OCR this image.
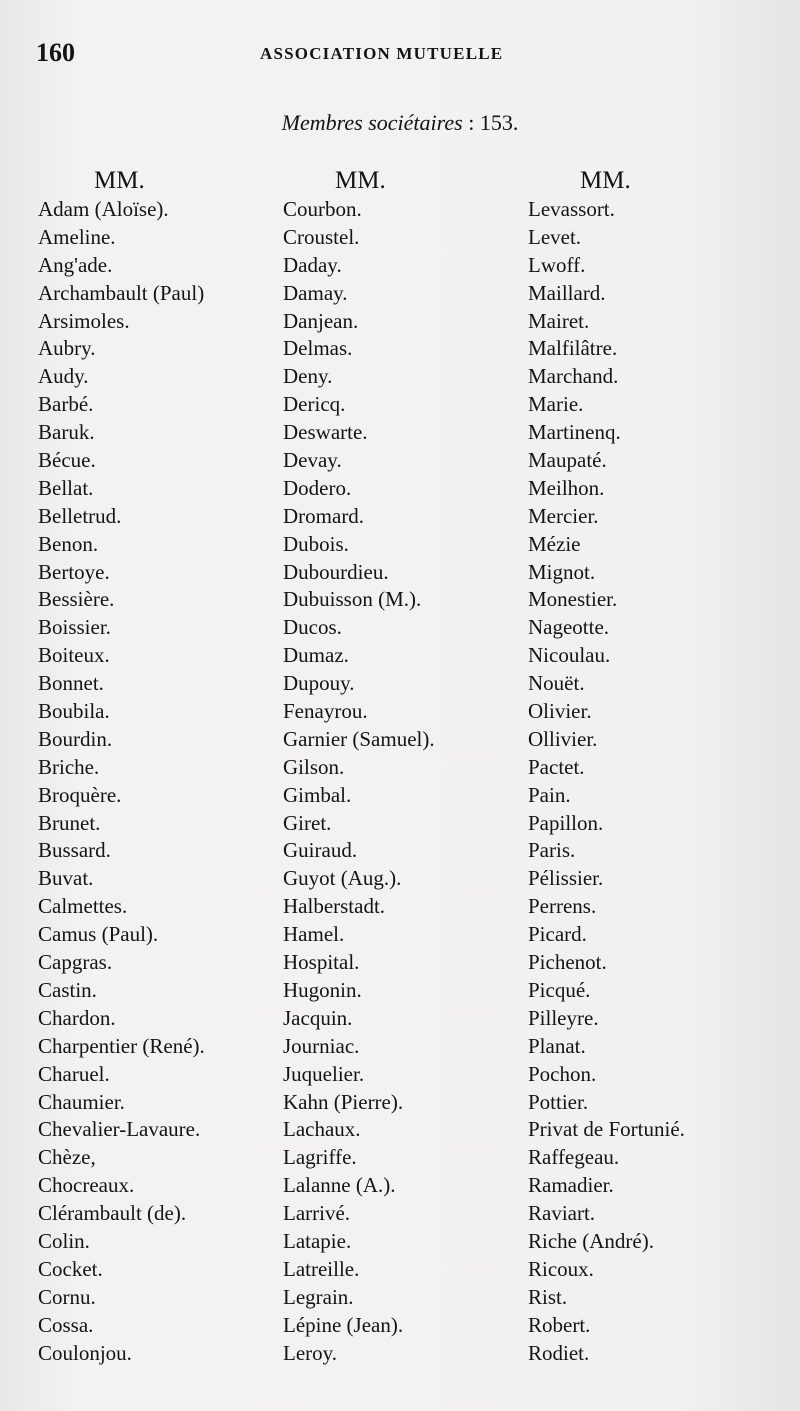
160	ASSOCIATION MUTUELLE
Membres sociétaires : 153.
MM.
Adam (Aloïse).
Ameline.
Ang'ade.
Archambault (Paul)
Arsimoles.
Aubry.
Audy.
Barbé.
Baruk.
Bécue.
Bellat.
Belletrud.
Benon.
Bertoye.
Bessière.
Boissier.
Boiteux.
Bonnet.
Boubila.
Bourdin.
Briche.
Broquère.
Brunet.
Bussard.
Buvat.
Calmettes.
Camus (Paul).
Capgras.
Castin.
Chardon.
Charpentier (René).
Charuel.
Chaumier.
Chevalier-Lavaure.
Chèze,
Chocreaux.
Clérambault (de).
Colin.
Cocket.
Cornu.
Cossa.
Coulonjou.
MM.
Courbon.
Croustel.
Daday.
Damay.
Danjean.
Delmas.
Deny.
Dericq.
Deswarte.
Devay.
Dodero.
Dromard.
Dubois.
Dubourdieu.
Dubuisson (M.).
Ducos.
Dumaz.
Dupouy.
Fenayrou.
Garnier (Samuel).
Gilson.
Gimbal.
Giret.
Guiraud.
Guyot (Aug.).
Halberstadt.
Hamel.
Hospital.
Hugonin.
Jacquin.
Journiac.
Juquelier.
Kahn (Pierre).
Lachaux.
Lagriffe.
Lalanne (A.).
Larrivé.
Latapie.
Latreille.
Legrain.
Lépine (Jean).
Leroy.
MM.
Levassort.
Levet.
Lwoff.
Maillard.
Mairet.
Malfilâtre.
Marchand.
Marie.
Martinenq.
Maupaté.
Meilhon.
Mercier.
Mézie
Mignot.
Monestier.
Nageotte.
Nicoulau.
Nouët.
Olivier.
Ollivier.
Pactet.
Pain.
Papillon.
Paris.
Pélissier.
Perrens.
Picard.
Pichenot.
Picqué.
Pilleyre.
Planat.
Pochon.
Pottier.
Privat de Fortunié.
Raffegeau.
Ramadier.
Raviart.
Riche (André).
Ricoux.
Rist.
Robert.
Rodiet.
